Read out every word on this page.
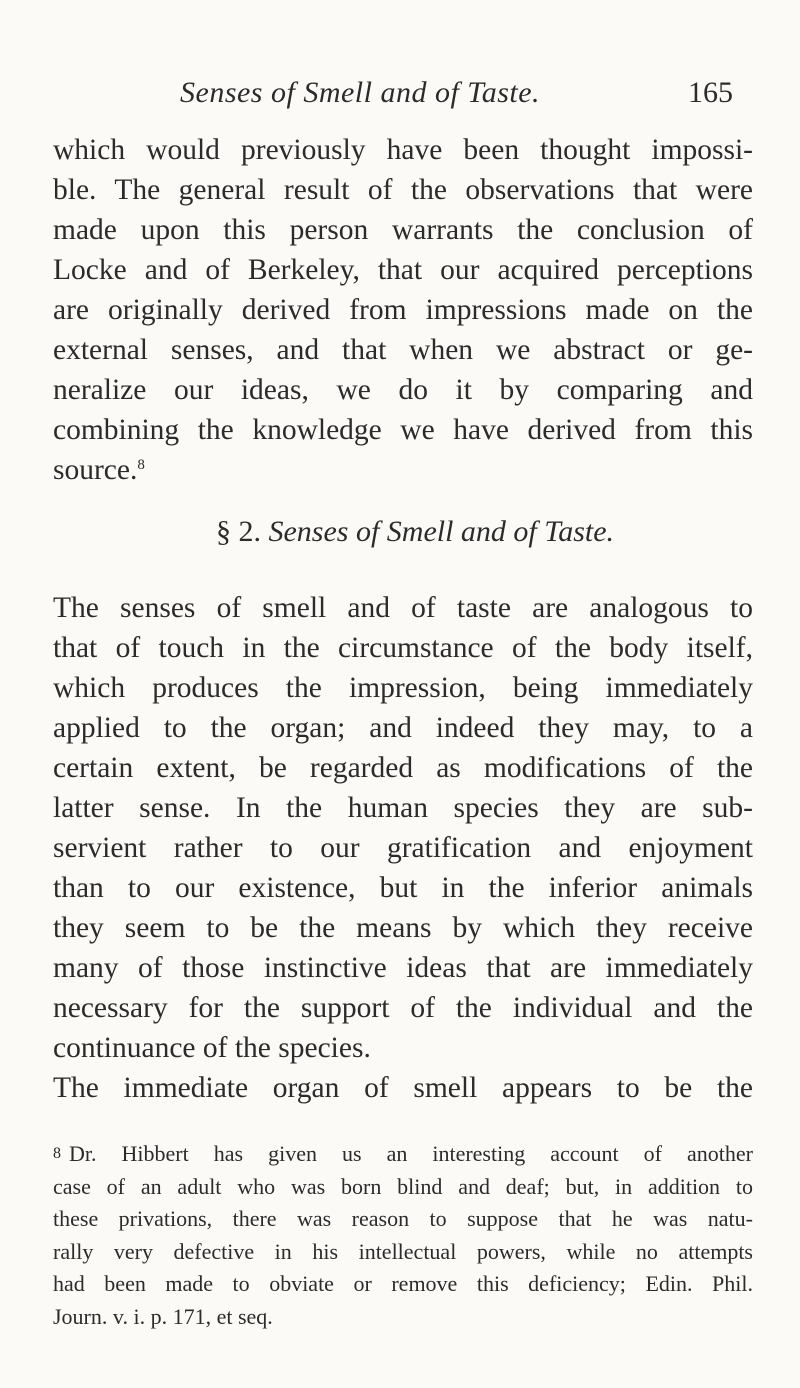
Senses of Smell and of Taste.	165
which would previously have been thought impossi-
ble. The general result of the observations that were
made upon this person warrants the conclusion of
Locke and of Berkeley, that our acquired perceptions
are originally derived from impressions made on the
external senses, and that when we abstract or ge-
neralize our ideas, we do it by comparing and
combining the knowledge we have derived from this
source.$^8$
§ 2. Senses of Smell and of Taste.
The senses of smell and of taste are analogous to
that of touch in the circumstance of the body itself,
which produces the impression, being immediately
applied to the organ; and indeed they may, to a
certain extent, be regarded as modifications of the
latter sense. In the human species they are sub-
servient rather to our gratification and enjoyment
than to our existence, but in the inferior animals
they seem to be the means by which they receive
many of those instinctive ideas that are immediately
necessary for the support of the individual and the
continuance of the species.
The immediate organ of smell appears to be the
8 Dr. Hibbert has given us an interesting account of another
case of an adult who was born blind and deaf; but, in addition to
these privations, there was reason to suppose that he was natu-
rally very defective in his intellectual powers, while no attempts
had been made to obviate or remove this deficiency; Edin. Phil.
Journ. v. i. p. 171, et seq.
